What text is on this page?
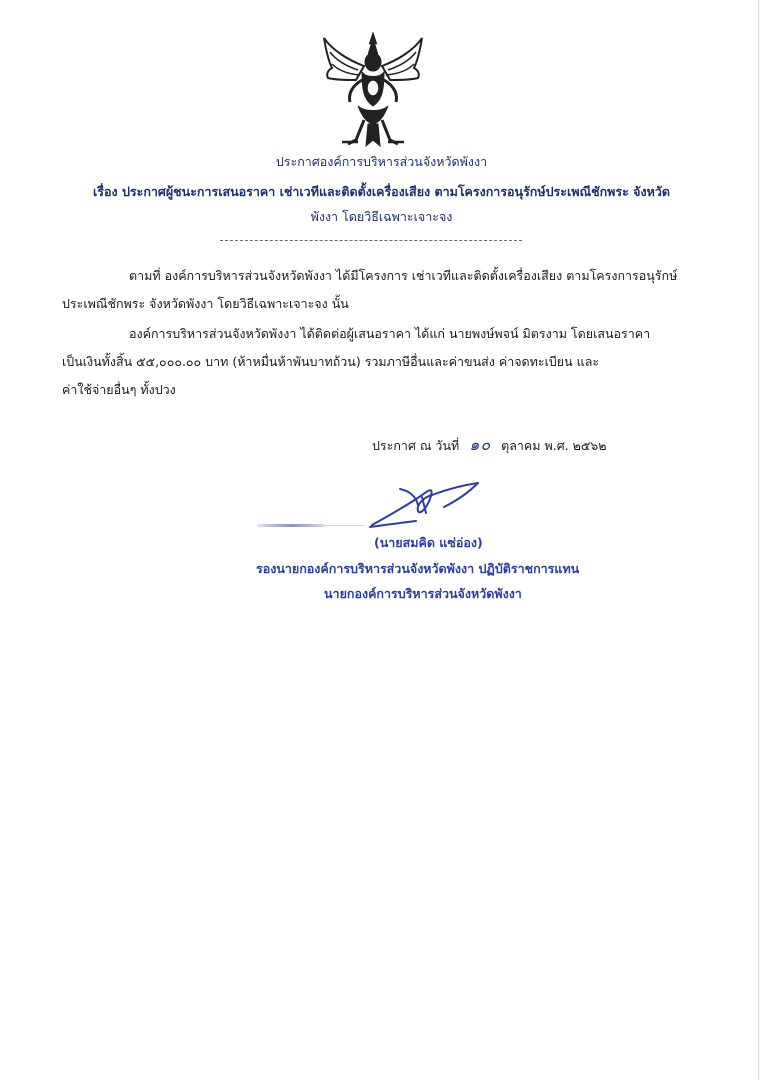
ประกาศองค์การบริหารส่วนจังหวัดพังงา
เรื่อง ประกาศผู้ชนะการเสนอราคา เช่าเวทีและติดตั้งเครื่องเสียง ตามโครงการอนุรักษ์ประเพณีชักพระ จังหวัด
พังงา โดยวิธีเฉพาะเจาะจง
ตามที่ องค์การบริหารส่วนจังหวัดพังงา ได้มีโครงการ เช่าเวทีและติดตั้งเครื่องเสียง ตามโครงการอนุรักษ์
ประเพณีชักพระ จังหวัดพังงา โดยวิธีเฉพาะเจาะจง นั้น
องค์การบริหารส่วนจังหวัดพังงา ได้ติดต่อผู้เสนอราคา ได้แก่ นายพงษ์พจน์ มิตรงาม โดยเสนอราคา
เป็นเงินทั้งสิ้น ๕๕,๐๐๐.๐๐ บาท (ห้าหมื่นห้าพันบาทถ้วน) รวมภาษีอื่นและค่าขนส่ง ค่าจดทะเบียน และ
ค่าใช้จ่ายอื่นๆ ทั้งปวง
ประกาศ ณ วันที่ ๑๐ ตุลาคม พ.ศ. ๒๕๖๒
(นายสมคิด แซ่อ่อง)
รองนายกองค์การบริหารส่วนจังหวัดพังงา ปฏิบัติราชการแทน
นายกองค์การบริหารส่วนจังหวัดพังงา
